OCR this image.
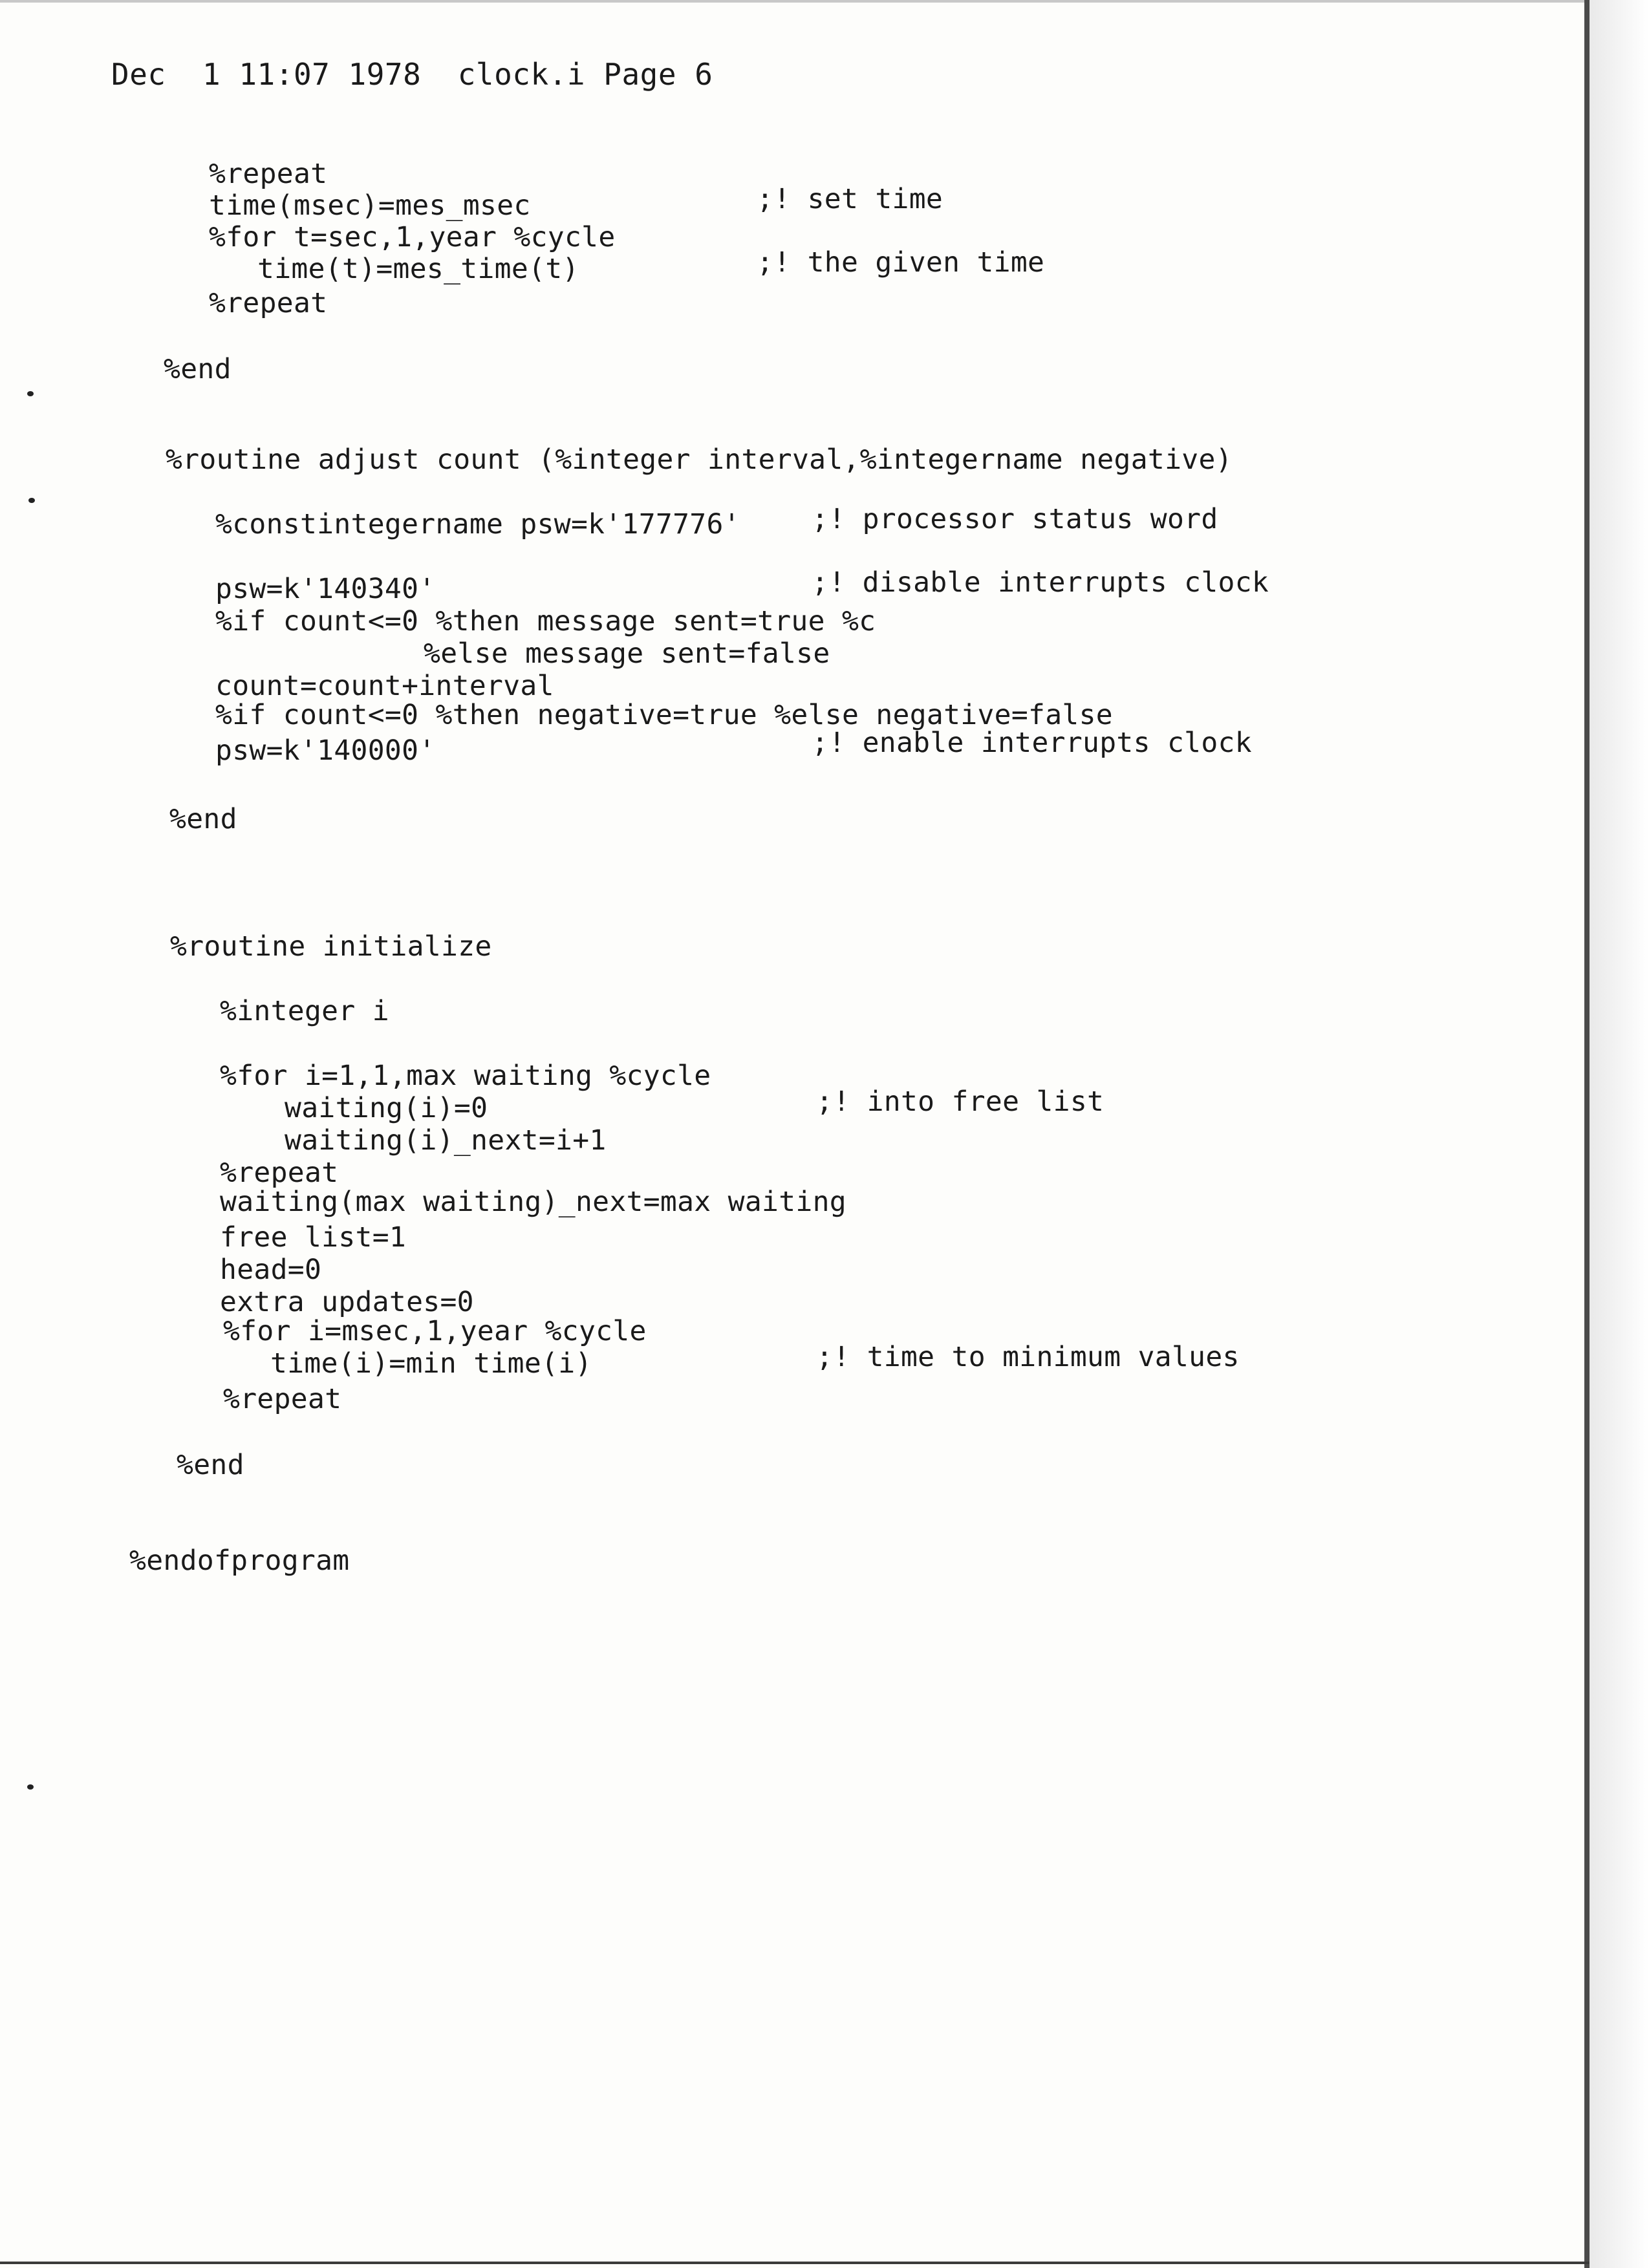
Dec  1 11:07 1978  clock.i Page 6
%repeat
time(msec)=mes_msec	;! set time
%for t=sec,1,year %cycle
time(t)=mes_time(t)	;! the given time
%repeat
%end
%routine adjust count (%integer interval,%integername negative)
%constintegername psw=k'177776'	;! processor status word
psw=k'140340'	;! disable interrupts clock
%if count<=0 %then message sent=true %c
%else message sent=false
count=count+interval
%if count<=0 %then negative=true %else negative=false
psw=k'140000'	;! enable interrupts clock
%end
%routine initialize
%integer i
%for i=1,1,max waiting %cycle
waiting(i)=0	;! into free list
waiting(i)_next=i+1
%repeat
waiting(max waiting)_next=max waiting
free list=1
head=0
extra updates=0
%for i=msec,1,year %cycle
time(i)=min time(i)	;! time to minimum values
%repeat
%end
%endofprogram
